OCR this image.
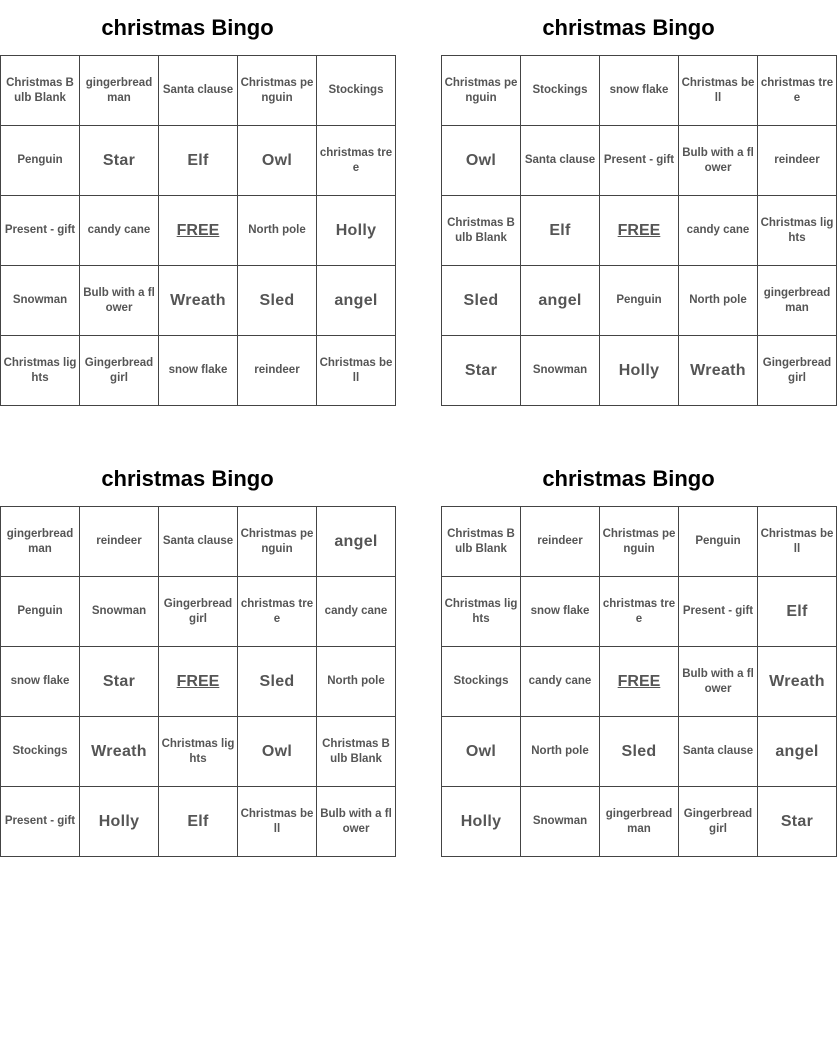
christmas Bingo
Christmas Bulb Blank	gingerbread man	Santa clause	Christmas penguin	Stockings
Penguin	Star	Elf	Owl	christmas tree
Present - gift	candy cane	FREE	North pole	Holly
Snowman	Bulb with a flower	Wreath	Sled	angel
Christmas lights	Gingerbread girl	snow flake	reindeer	Christmas bell
christmas Bingo
Christmas penguin	Stockings	snow flake	Christmas bell	christmas tree
Owl	Santa clause	Present - gift	Bulb with a flower	reindeer
Christmas Bulb Blank	Elf	FREE	candy cane	Christmas lights
Sled	angel	Penguin	North pole	gingerbread man
Star	Snowman	Holly	Wreath	Gingerbread girl
christmas Bingo
gingerbread man	reindeer	Santa clause	Christmas penguin	angel
Penguin	Snowman	Gingerbread girl	christmas tree	candy cane
snow flake	Star	FREE	Sled	North pole
Stockings	Wreath	Christmas lights	Owl	Christmas Bulb Blank
Present - gift	Holly	Elf	Christmas bell	Bulb with a flower
christmas Bingo
Christmas Bulb Blank	reindeer	Christmas penguin	Penguin	Christmas bell
Christmas lights	snow flake	christmas tree	Present - gift	Elf
Stockings	candy cane	FREE	Bulb with a flower	Wreath
Owl	North pole	Sled	Santa clause	angel
Holly	Snowman	gingerbread man	Gingerbread girl	Star
